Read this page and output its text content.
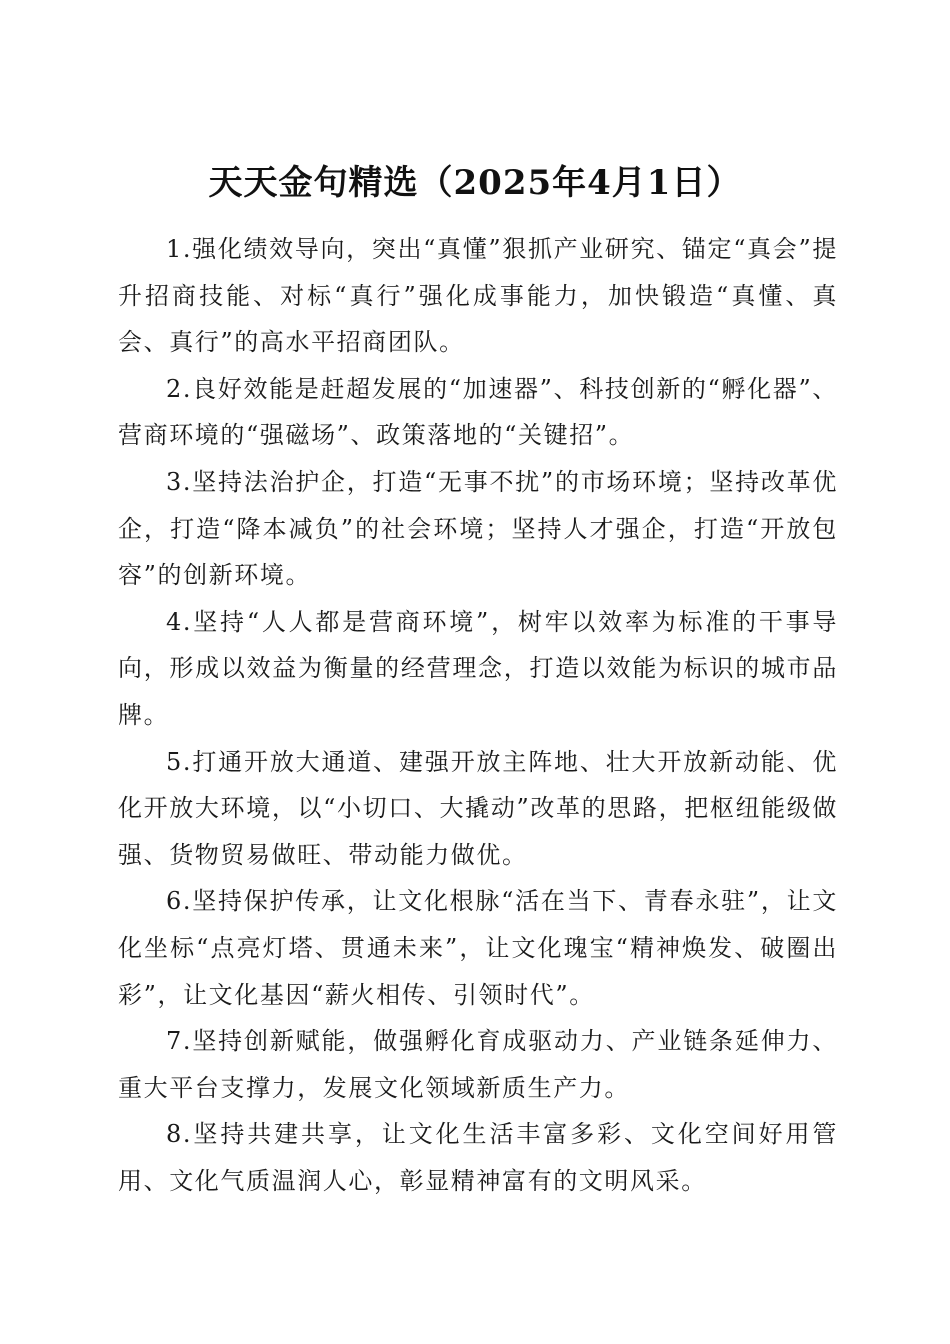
天天金句精选（2025年4月1日）

1.强化绩效导向，突出“真懂”狠抓产业研究、锚定“真会”提升招商技能、对标“真行”强化成事能力，加快锻造“真懂、真会、真行”的高水平招商团队。

2.良好效能是赶超发展的“加速器”、科技创新的“孵化器”、营商环境的“强磁场”、政策落地的“关键招”。

3.坚持法治护企，打造“无事不扰”的市场环境；坚持改革优企，打造“降本减负”的社会环境；坚持人才强企，打造“开放包容”的创新环境。

4.坚持“人人都是营商环境”，树牢以效率为标准的干事导向，形成以效益为衡量的经营理念，打造以效能为标识的城市品牌。

5.打通开放大通道、建强开放主阵地、壮大开放新动能、优化开放大环境，以“小切口、大撬动”改革的思路，把枢纽能级做强、货物贸易做旺、带动能力做优。

6.坚持保护传承，让文化根脉“活在当下、青春永驻”，让文化坐标“点亮灯塔、贯通未来”，让文化瑰宝“精神焕发、破圈出彩”，让文化基因“薪火相传、引领时代”。

7.坚持创新赋能，做强孵化育成驱动力、产业链条延伸力、重大平台支撑力，发展文化领域新质生产力。

8.坚持共建共享，让文化生活丰富多彩、文化空间好用管用、文化气质温润人心，彰显精神富有的文明风采。
